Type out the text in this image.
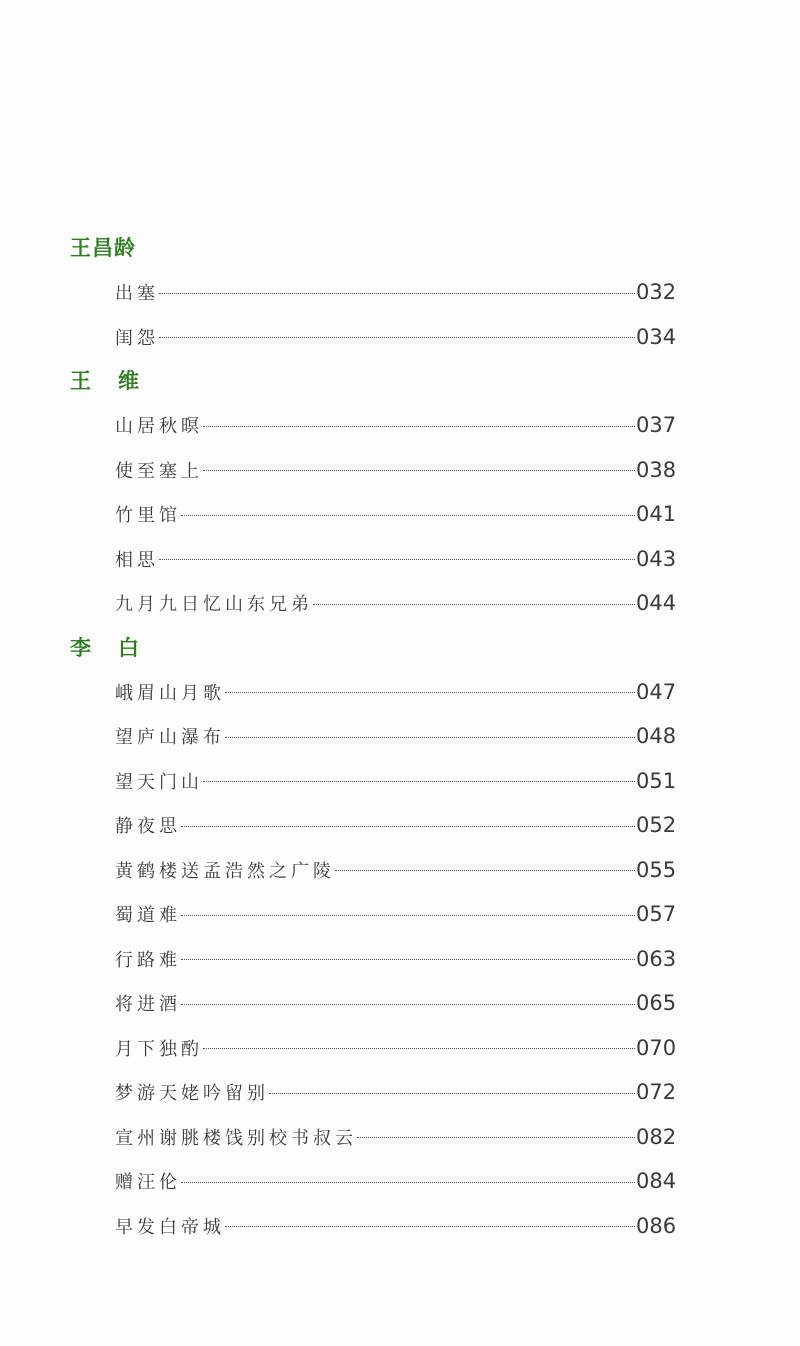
王昌龄
出塞	032
闺怨	034
王 维
山居秋暝	037
使至塞上	038
竹里馆	041
相思	043
九月九日忆山东兄弟	044
李 白
峨眉山月歌	047
望庐山瀑布	048
望天门山	051
静夜思	052
黄鹤楼送孟浩然之广陵	055
蜀道难	057
行路难	063
将进酒	065
月下独酌	070
梦游天姥吟留别	072
宣州谢朓楼饯别校书叔云	082
赠汪伦	084
早发白帝城	086
